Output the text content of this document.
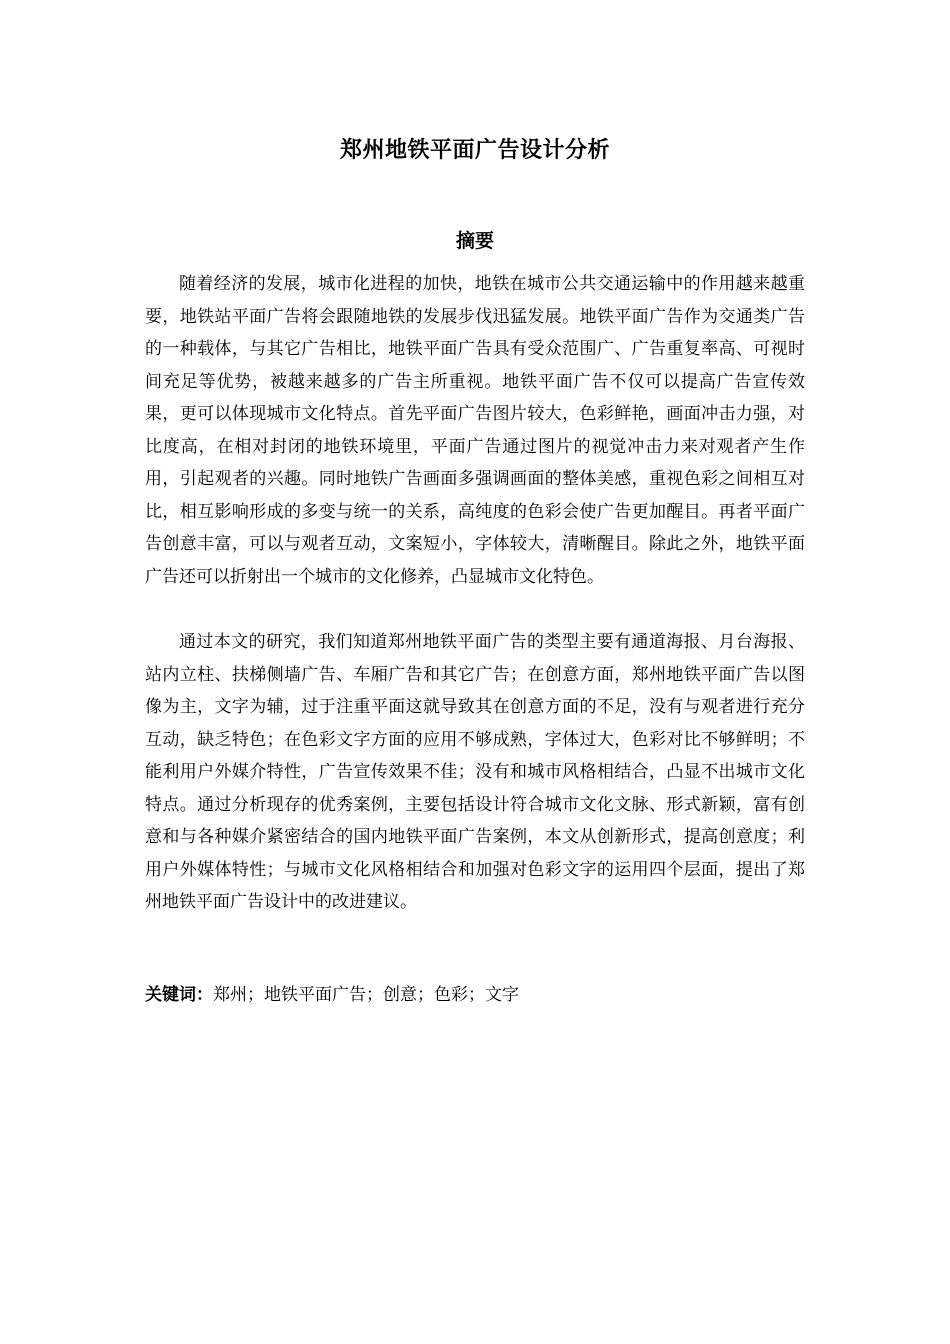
郑州地铁平面广告设计分析
摘要

随着经济的发展，城市化进程的加快，地铁在城市公共交通运输中的作用越来越重要，地铁站平面广告将会跟随地铁的发展步伐迅猛发展。地铁平面广告作为交通类广告的一种载体，与其它广告相比，地铁平面广告具有受众范围广、广告重复率高、可视时间充足等优势，被越来越多的广告主所重视。地铁平面广告不仅可以提高广告宣传效果，更可以体现城市文化特点。首先平面广告图片较大，色彩鲜艳，画面冲击力强，对比度高，在相对封闭的地铁环境里，平面广告通过图片的视觉冲击力来对观者产生作用，引起观者的兴趣。同时地铁广告画面多强调画面的整体美感，重视色彩之间相互对比，相互影响形成的多变与统一的关系，高纯度的色彩会使广告更加醒目。再者平面广告创意丰富，可以与观者互动，文案短小，字体较大，清晰醒目。除此之外，地铁平面广告还可以折射出一个城市的文化修养，凸显城市文化特色。

通过本文的研究，我们知道郑州地铁平面广告的类型主要有通道海报、月台海报、站内立柱、扶梯侧墙广告、车厢广告和其它广告；在创意方面，郑州地铁平面广告以图像为主，文字为辅，过于注重平面这就导致其在创意方面的不足，没有与观者进行充分互动，缺乏特色；在色彩文字方面的应用不够成熟，字体过大，色彩对比不够鲜明；不能利用户外媒介特性，广告宣传效果不佳；没有和城市风格相结合，凸显不出城市文化特点。通过分析现存的优秀案例，主要包括设计符合城市文化文脉、形式新颖，富有创意和与各种媒介紧密结合的国内地铁平面广告案例，本文从创新形式，提高创意度；利用户外媒体特性；与城市文化风格相结合和加强对色彩文字的运用四个层面，提出了郑州地铁平面广告设计中的改进建议。

关键词：郑州；地铁平面广告；创意；色彩；文字
